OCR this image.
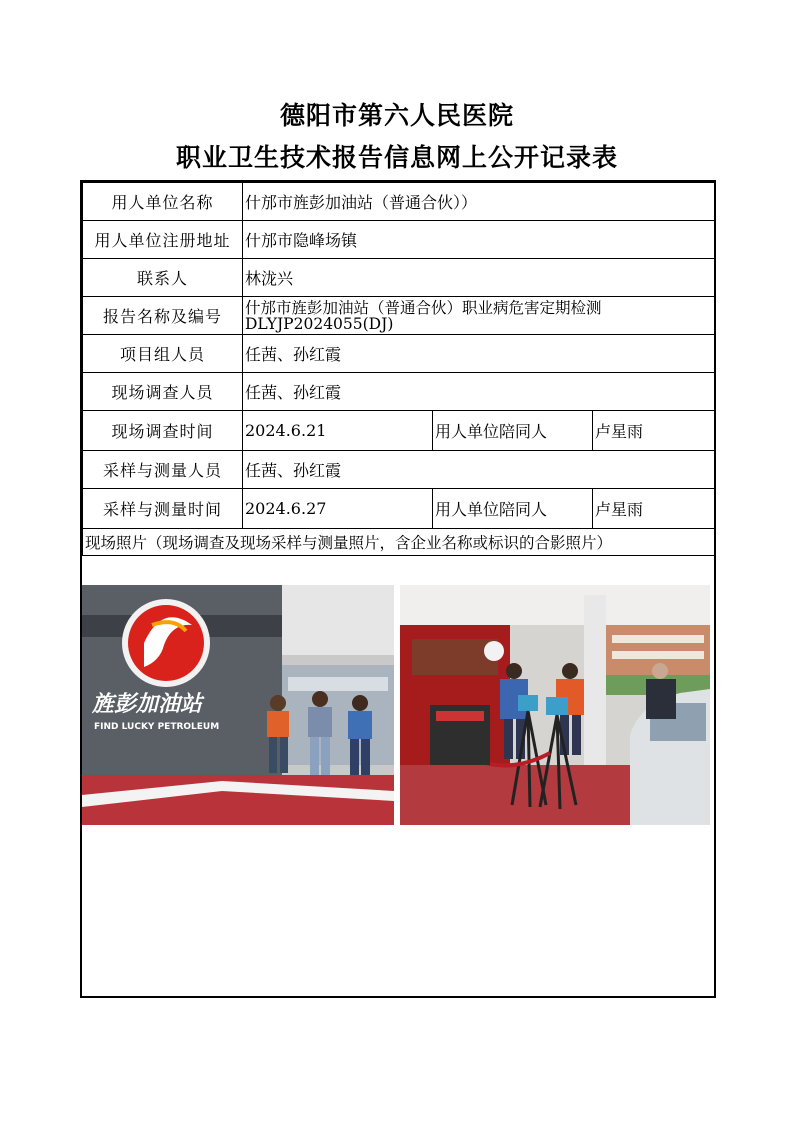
德阳市第六人民医院
职业卫生技术报告信息网上公开记录表
用人单位名称	什邡市旌彭加油站（普通合伙））		
用人单位注册地址	什邡市隐峰场镇		
联系人	林泷兴		
报告名称及编号	什邡市旌彭加油站（普通合伙）职业病危害定期检测
DLYJP2024055(DJ)		

项目组人员	任茜、孙红霞		
现场调查人员	任茜、孙红霞		
现场调查时间	2024.6.21	用人单位陪同人	卢星雨
采样与测量人员	任茜、孙红霞		
采样与测量时间	2024.6.27	用人单位陪同人	卢星雨
现场照片（现场调查及现场采样与测量照片，含企业名称或标识的合影照片）			
旌彭加油站
FIND LUCKY PETROLEUM
